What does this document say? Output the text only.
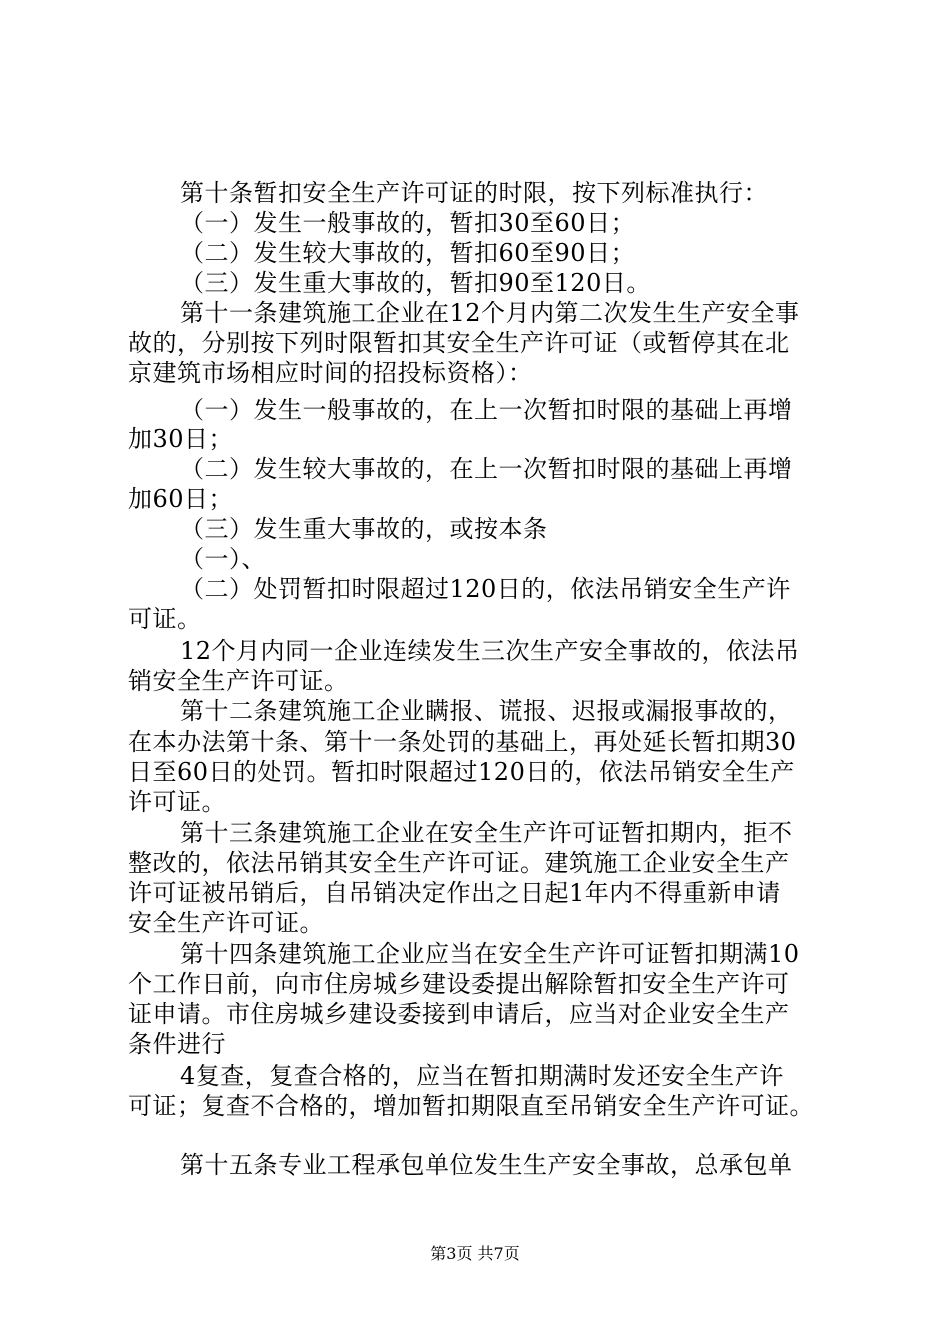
第十条暂扣安全生产许可证的时限，按下列标准执行：
（一）发生一般事故的，暂扣30至60日；
（二）发生较大事故的，暂扣60至90日；
（三）发生重大事故的，暂扣90至120日。
第十一条建筑施工企业在12个月内第二次发生生产安全事
故的，分别按下列时限暂扣其安全生产许可证（或暂停其在北
京建筑市场相应时间的招投标资格）：
（一）发生一般事故的，在上一次暂扣时限的基础上再增
加30日；
（二）发生较大事故的，在上一次暂扣时限的基础上再增
加60日；
（三）发生重大事故的，或按本条
（一）、
（二）处罚暂扣时限超过120日的，依法吊销安全生产许
可证。
12个月内同一企业连续发生三次生产安全事故的，依法吊
销安全生产许可证。
第十二条建筑施工企业瞒报、谎报、迟报或漏报事故的，
在本办法第十条、第十一条处罚的基础上，再处延长暂扣期30
日至60日的处罚。暂扣时限超过120日的，依法吊销安全生产
许可证。
第十三条建筑施工企业在安全生产许可证暂扣期内，拒不
整改的，依法吊销其安全生产许可证。建筑施工企业安全生产
许可证被吊销后，自吊销决定作出之日起1年内不得重新申请
安全生产许可证。
第十四条建筑施工企业应当在安全生产许可证暂扣期满10
个工作日前，向市住房城乡建设委提出解除暂扣安全生产许可
证申请。市住房城乡建设委接到申请后，应当对企业安全生产
条件进行
4复查，复查合格的，应当在暂扣期满时发还安全生产许
可证；复查不合格的，增加暂扣期限直至吊销安全生产许可证。
第十五条专业工程承包单位发生生产安全事故，总承包单
第3页 共7页
